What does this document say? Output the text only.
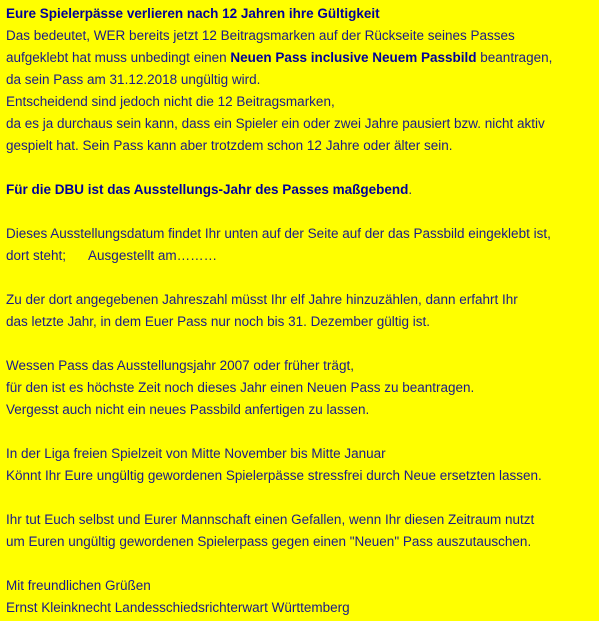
Eure Spielerpässe verlieren nach 12 Jahren ihre Gültigkeit
Das bedeutet, WER bereits jetzt 12 Beitragsmarken auf der Rückseite seines Passes
aufgeklebt hat muss unbedingt einen Neuen Pass inclusive Neuem Passbild beantragen,
da sein Pass am 31.12.2018 ungültig wird.
Entscheidend sind jedoch nicht die 12 Beitragsmarken,
da es ja durchaus sein kann, dass ein Spieler ein oder zwei Jahre pausiert bzw. nicht aktiv
gespielt hat. Sein Pass kann aber trotzdem schon 12 Jahre oder älter sein.
Für die DBU ist das Ausstellungs-Jahr des Passes maßgebend.
Dieses Ausstellungsdatum findet Ihr unten auf der Seite auf der das Passbild eingeklebt ist,
dort steht; Ausgestellt am………
Zu der dort angegebenen Jahreszahl müsst Ihr elf Jahre hinzuzählen, dann erfahrt Ihr
das letzte Jahr, in dem Euer Pass nur noch bis 31. Dezember gültig ist.
Wessen Pass das Ausstellungsjahr 2007 oder früher trägt,
für den ist es höchste Zeit noch dieses Jahr einen Neuen Pass zu beantragen.
Vergesst auch nicht ein neues Passbild anfertigen zu lassen.
In der Liga freien Spielzeit von Mitte November bis Mitte Januar
Könnt Ihr Eure ungültig gewordenen Spielerpässe stressfrei durch Neue ersetzten lassen.
Ihr tut Euch selbst und Eurer Mannschaft einen Gefallen, wenn Ihr diesen Zeitraum nutzt
um Euren ungültig gewordenen Spielerpass gegen einen "Neuen" Pass auszutauschen.
Mit freundlichen Grüßen
Ernst Kleinknecht Landesschiedsrichterwart Württemberg
